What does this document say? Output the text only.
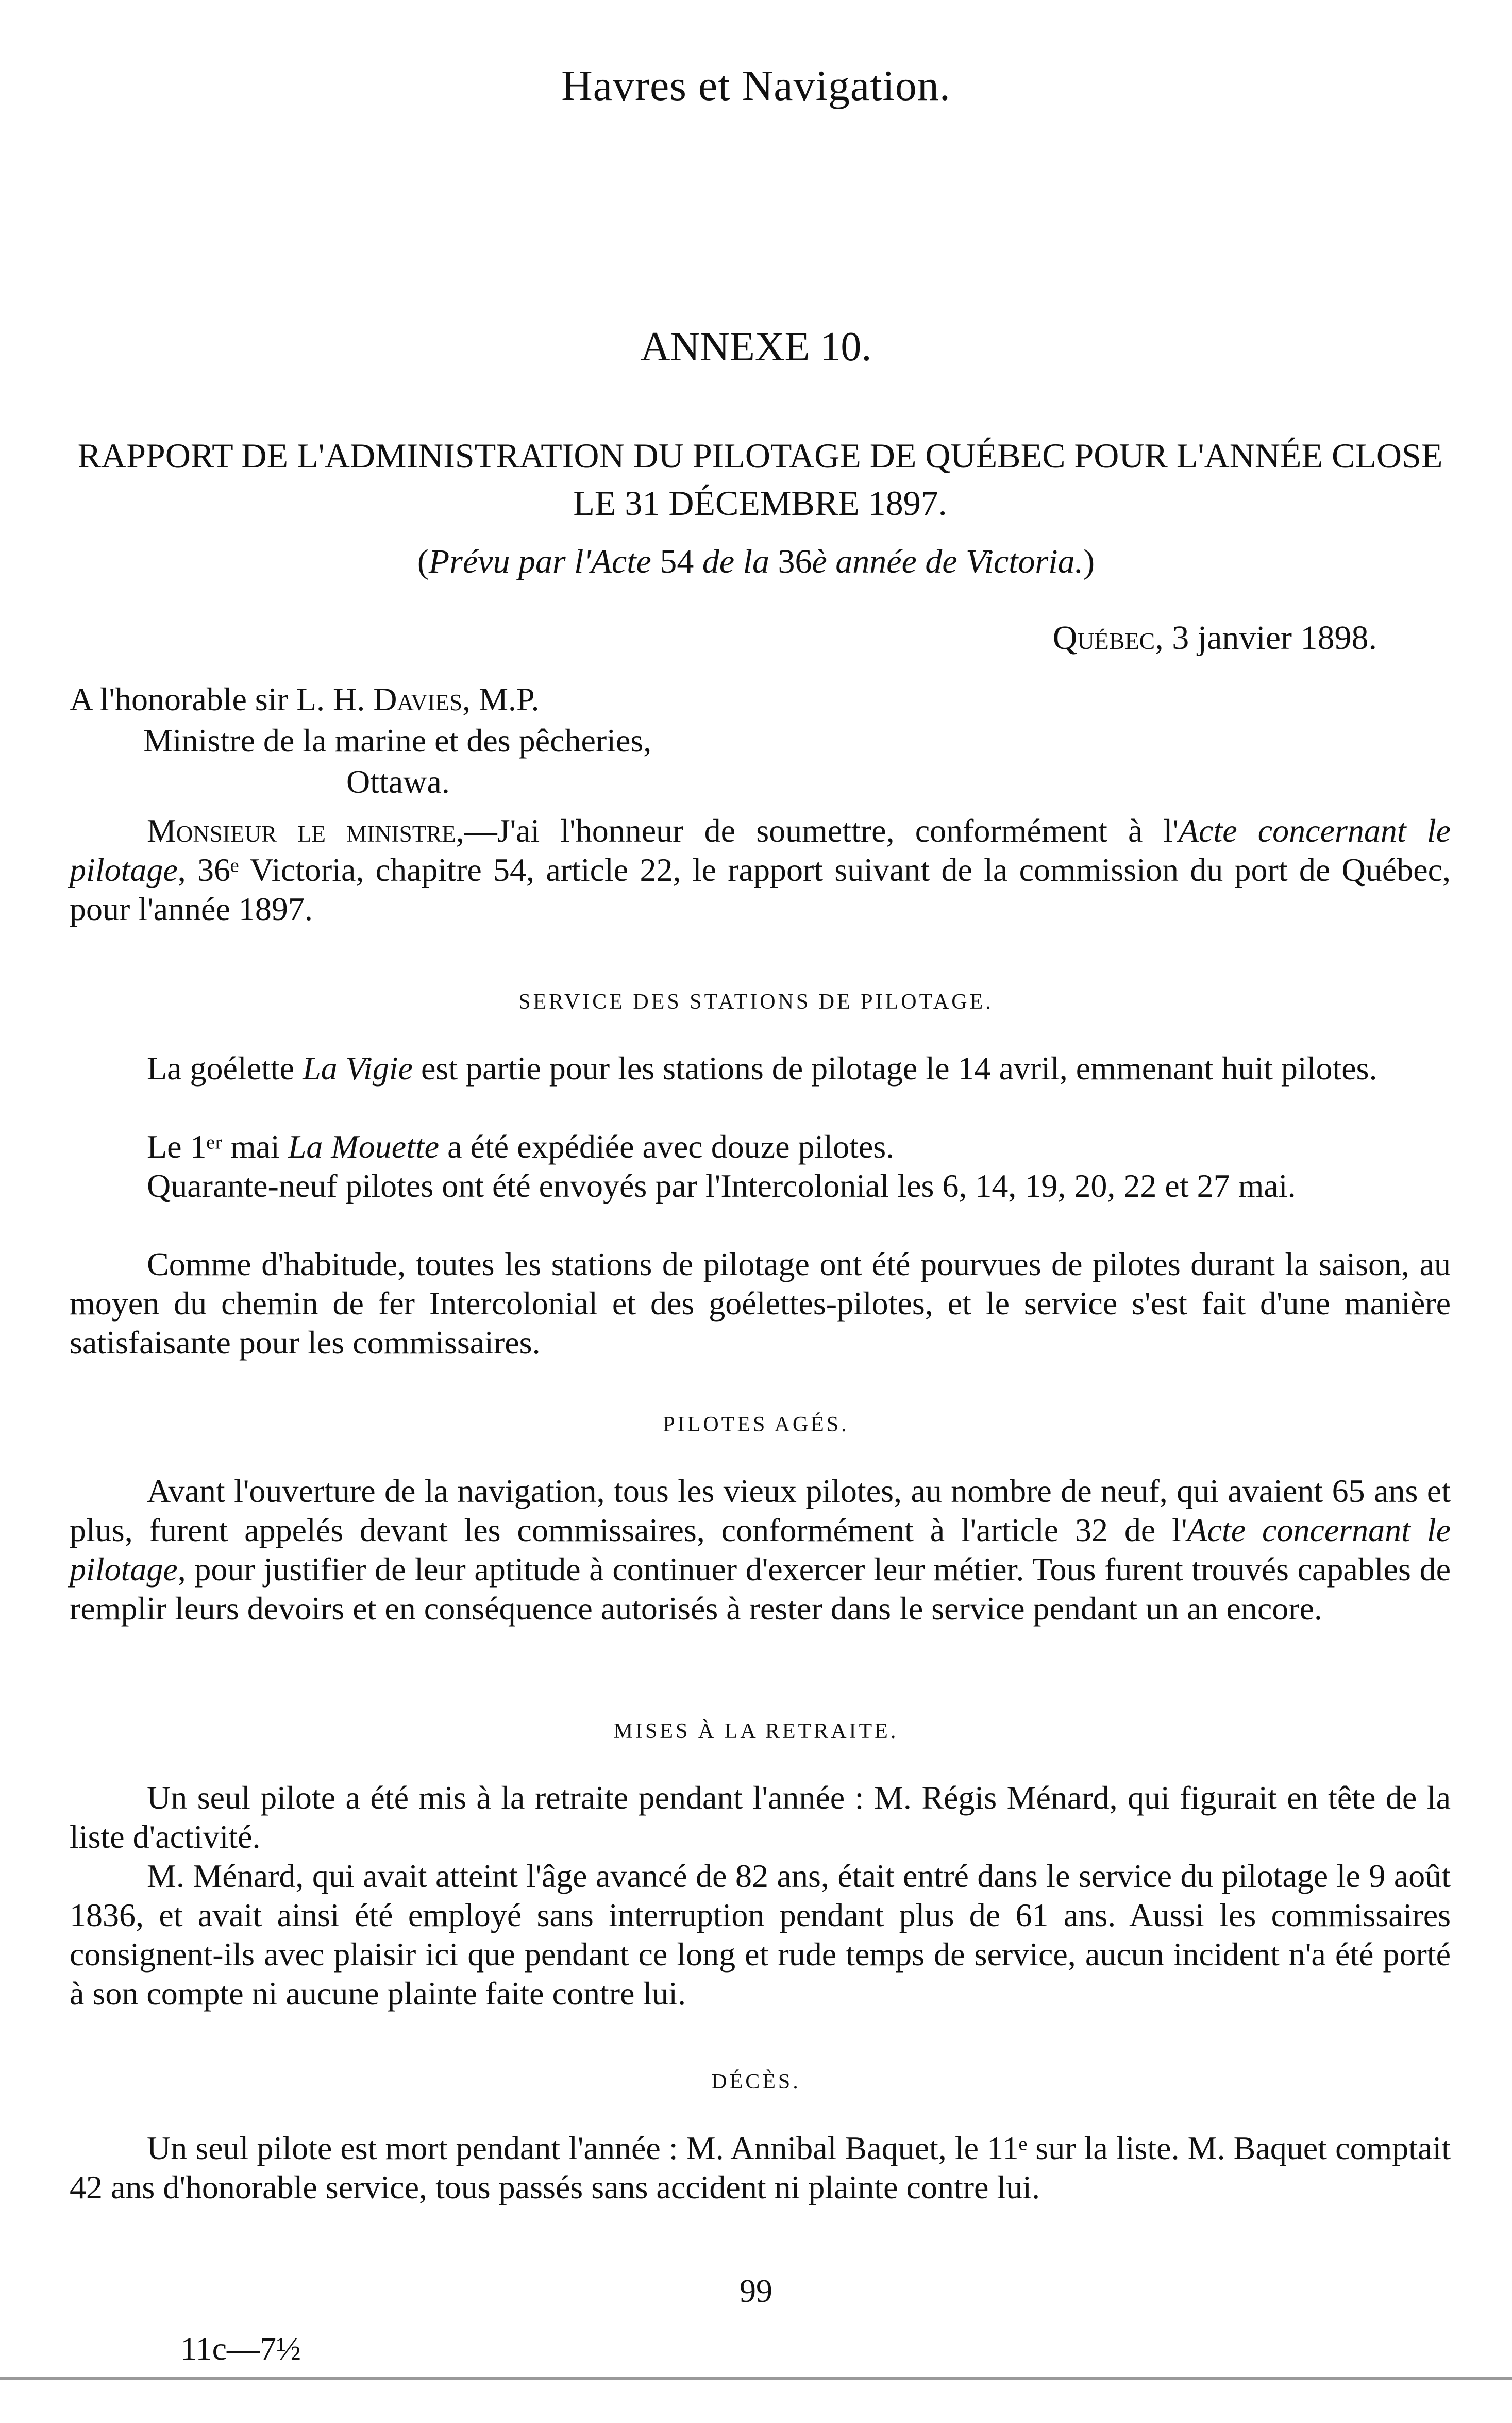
Havres et Navigation.
ANNEXE 10.
RAPPORT DE L'ADMINISTRATION DU PILOTAGE DE QUÉBEC POUR L'ANNÉE CLOSE LE 31 DÉCEMBRE 1897.
(Prévu par l'Acte 54 de la 36è année de Victoria.)
Québec, 3 janvier 1898.
A l'honorable sir L. H. Davies, M.P.
Ministre de la marine et des pêcheries,
Ottawa.
Monsieur le ministre,—J'ai l'honneur de soumettre, conformément à l'Acte concernant le pilotage, 36ᵉ Victoria, chapitre 54, article 22, le rapport suivant de la commission du port de Québec, pour l'année 1897.
SERVICE DES STATIONS DE PILOTAGE.
La goélette La Vigie est partie pour les stations de pilotage le 14 avril, emmenant huit pilotes.
Le 1ᵉʳ mai La Mouette a été expédiée avec douze pilotes.
Quarante-neuf pilotes ont été envoyés par l'Intercolonial les 6, 14, 19, 20, 22 et 27 mai.
Comme d'habitude, toutes les stations de pilotage ont été pourvues de pilotes durant la saison, au moyen du chemin de fer Intercolonial et des goélettes-pilotes, et le service s'est fait d'une manière satisfaisante pour les commissaires.
PILOTES AGÉS.
Avant l'ouverture de la navigation, tous les vieux pilotes, au nombre de neuf, qui avaient 65 ans et plus, furent appelés devant les commissaires, conformément à l'article 32 de l'Acte concernant le pilotage, pour justifier de leur aptitude à continuer d'exercer leur métier. Tous furent trouvés capables de remplir leurs devoirs et en conséquence autorisés à rester dans le service pendant un an encore.
MISES À LA RETRAITE.
Un seul pilote a été mis à la retraite pendant l'année : M. Régis Ménard, qui figurait en tête de la liste d'activité.
M. Ménard, qui avait atteint l'âge avancé de 82 ans, était entré dans le service du pilotage le 9 août 1836, et avait ainsi été employé sans interruption pendant plus de 61 ans. Aussi les commissaires consignent-ils avec plaisir ici que pendant ce long et rude temps de service, aucun incident n'a été porté à son compte ni aucune plainte faite contre lui.
DÉCÈS.
Un seul pilote est mort pendant l'année : M. Annibal Baquet, le 11ᵉ sur la liste. M. Baquet comptait 42 ans d'honorable service, tous passés sans accident ni plainte contre lui.
99
11c—7½
